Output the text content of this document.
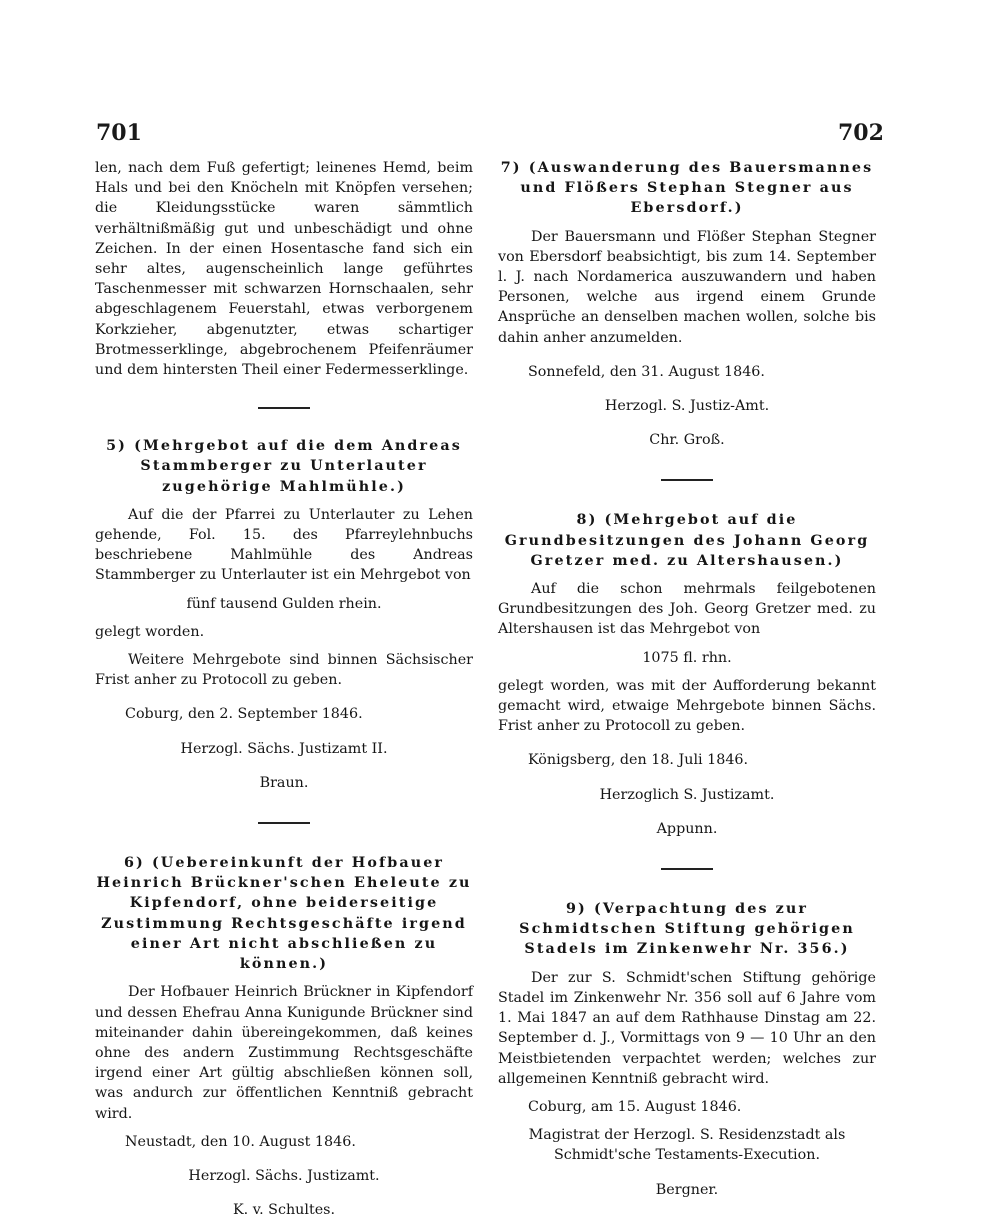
701	702

len, nach dem Fuß gefertigt; leinenes Hemd, beim Hals und bei den Knöcheln mit Knöpfen versehen; die Kleidungsstücke waren sämmtlich verhältnißmäßig gut und unbeschädigt und ohne Zeichen. In der einen Hosentasche fand sich ein sehr altes, augenscheinlich lange geführtes Taschenmesser mit schwarzen Hornschaalen, sehr abgeschlagenem Feuerstahl, etwas verborgenem Korkzieher, abgenutzter, etwas schartiger Brotmesserklinge, abgebrochenem Pfeifenräumer und dem hintersten Theil einer Federmesserklinge.

5) (Mehrgebot auf die dem Andreas Stammberger zu Unterlauter zugehörige Mahlmühle.)

Auf die der Pfarrei zu Unterlauter zu Lehen gehende, Fol. 15. des Pfarreylehnbuchs beschriebene Mahlmühle des Andreas Stammberger zu Unterlauter ist ein Mehrgebot von

fünf tausend Gulden rhein.

gelegt worden.

Weitere Mehrgebote sind binnen Sächsischer Frist anher zu Protocoll zu geben.

Coburg, den 2. September 1846.

Herzogl. Sächs. Justizamt II.

Braun.

6) (Uebereinkunft der Hofbauer Heinrich Brückner'schen Eheleute zu Kipfendorf, ohne beiderseitige Zustimmung Rechtsgeschäfte irgend einer Art nicht abschließen zu können.)

Der Hofbauer Heinrich Brückner in Kipfendorf und dessen Ehefrau Anna Kunigunde Brückner sind miteinander dahin übereingekommen, daß keines ohne des andern Zustimmung Rechtsgeschäfte irgend einer Art gültig abschließen können soll, was andurch zur öffentlichen Kenntniß gebracht wird.

Neustadt, den 10. August 1846.

Herzogl. Sächs. Justizamt.

K. v. Schultes.

7) (Auswanderung des Bauersmannes und Flößers Stephan Stegner aus Ebersdorf.)

Der Bauersmann und Flößer Stephan Stegner von Ebersdorf beabsichtigt, bis zum 14. September l. J. nach Nordamerica auszuwandern und haben Personen, welche aus irgend einem Grunde Ansprüche an denselben machen wollen, solche bis dahin anher anzumelden.

Sonnefeld, den 31. August 1846.

Herzogl. S. Justiz-Amt.

Chr. Groß.

8) (Mehrgebot auf die Grundbesitzungen des Johann Georg Gretzer med. zu Altershausen.)

Auf die schon mehrmals feilgebotenen Grundbesitzungen des Joh. Georg Gretzer med. zu Altershausen ist das Mehrgebot von

1075 fl. rhn.

gelegt worden, was mit der Aufforderung bekannt gemacht wird, etwaige Mehrgebote binnen Sächs. Frist anher zu Protocoll zu geben.

Königsberg, den 18. Juli 1846.

Herzoglich S. Justizamt.

Appunn.

9) (Verpachtung des zur Schmidtschen Stiftung gehörigen Stadels im Zinkenwehr Nr. 356.)

Der zur S. Schmidt'schen Stiftung gehörige Stadel im Zinkenwehr Nr. 356 soll auf 6 Jahre vom 1. Mai 1847 an auf dem Rathhause Dinstag am 22. September d. J., Vormittags von 9 — 10 Uhr an den Meistbietenden verpachtet werden; welches zur allgemeinen Kenntniß gebracht wird.

Coburg, am 15. August 1846.

Magistrat der Herzogl. S. Residenzstadt als Schmidt'sche Testaments-Execution.

Bergner.
